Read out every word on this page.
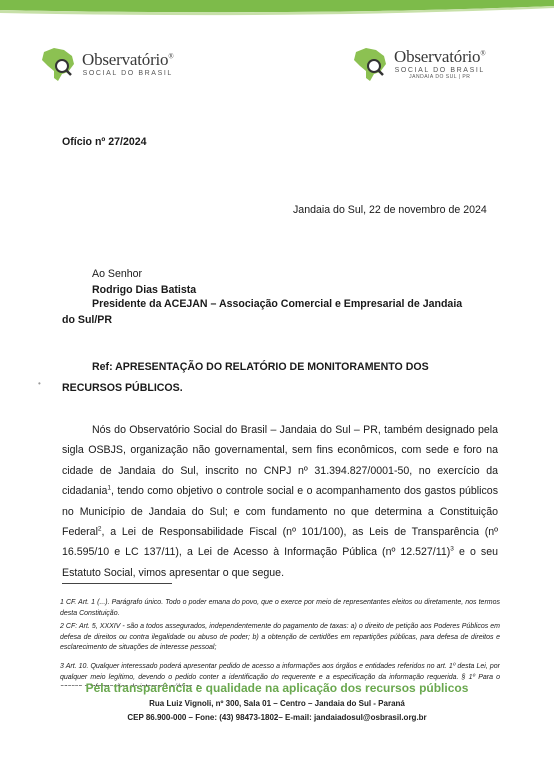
Observatório®
SOCIAL DO BRASIL
Observatório®
SOCIAL DO BRASIL
JANDAIA DO SUL | PR
Ofício nº 27/2024
Jandaia do Sul, 22 de novembro de 2024
Ao Senhor
Rodrigo Dias Batista
Presidente da ACEJAN – Associação Comercial e Empresarial de Jandaia
do Sul/PR
Ref: APRESENTAÇÃO DO RELATÓRIO DE MONITORAMENTO DOS
RECURSOS PÚBLICOS.
•
Nós do Observatório Social do Brasil – Jandaia do Sul – PR, também designado pela sigla OSBJS, organização não governamental, sem fins econômicos, com sede e foro na cidade de Jandaia do Sul, inscrito no CNPJ nº 31.394.827/0001-50, no exercício da cidadania$^1$, tendo como objetivo o controle social e o acompanhamento dos gastos públicos no Município de Jandaia do Sul; e com fundamento no que determina a Constituição Federal$^2$, a Lei de Responsabilidade Fiscal (nº 101/100), as Leis de Transparência (nº 16.595/10 e LC 137/11), a Lei de Acesso à Informação Pública (nº 12.527/11)$^3$ e o seu Estatuto Social, vimos apresentar o que segue.
1 CF. Art. 1 (...). Parágrafo único. Todo o poder emana do povo, que o exerce por meio de representantes eleitos ou diretamente, nos termos desta Constituição.
2 CF: Art. 5, XXXIV - são a todos assegurados, independentemente do pagamento de taxas: a) o direito de petição aos Poderes Públicos em defesa de direitos ou contra ilegalidade ou abuso de poder; b) a obtenção de certidões em repartições públicas, para defesa de direitos e esclarecimento de situações de interesse pessoal;
3 Art. 10. Qualquer interessado poderá apresentar pedido de acesso a informações aos órgãos e entidades referidos no art. 1º desta Lei, por qualquer meio legítimo, devendo o pedido conter a identificação do requerente e a especificação da informação requerida. § 1º Para o
Pela transparência e qualidade na aplicação dos recursos públicos
Rua Luiz Vignoli, nº 300, Sala 01 – Centro – Jandaia do Sul - Paraná
CEP 86.900-000 – Fone: (43) 98473-1802– E-mail: jandaiadosul@osbrasil.org.br
